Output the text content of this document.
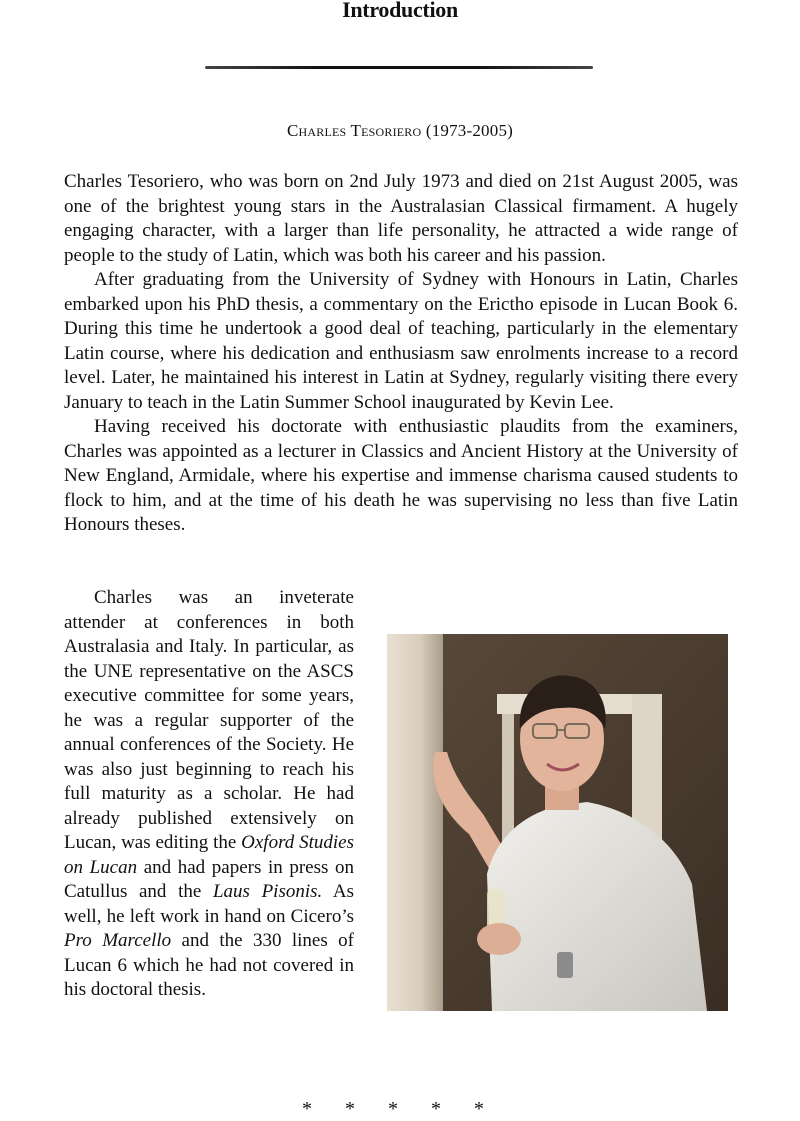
Introduction
Charles Tesoriero (1973-2005)

Charles Tesoriero, who was born on 2nd July 1973 and died on 21st August 2005, was one of the brightest young stars in the Australasian Classical firmament. A hugely engaging character, with a larger than life personality, he attracted a wide range of people to the study of Latin, which was both his career and his passion.

After graduating from the University of Sydney with Honours in Latin, Charles embarked upon his PhD thesis, a commentary on the Erictho episode in Lucan Book 6. During this time he undertook a good deal of teaching, particularly in the elementary Latin course, where his dedication and enthusiasm saw enrolments increase to a record level. Later, he maintained his interest in Latin at Sydney, regularly visiting there every January to teach in the Latin Summer School inaugurated by Kevin Lee.

Having received his doctorate with enthusiastic plaudits from the examiners, Charles was appointed as a lecturer in Classics and Ancient History at the University of New England, Armidale, where his expertise and immense charisma caused students to flock to him, and at the time of his death he was supervising no less than five Latin Honours theses.

Charles was an inveterate attender at conferences in both Australasia and Italy. In particular, as the UNE representative on the ASCS executive committee for some years, he was a regular supporter of the annual conferences of the Society. He was also just beginning to reach his full maturity as a scholar. He had already published extensively on Lucan, was editing the Oxford Studies on Lucan and had papers in press on Catullus and the Laus Pisonis. As well, he left work in hand on Cicero’s Pro Marcello and the 330 lines of Lucan 6 which he had not covered in his doctoral thesis.

* * * * *
